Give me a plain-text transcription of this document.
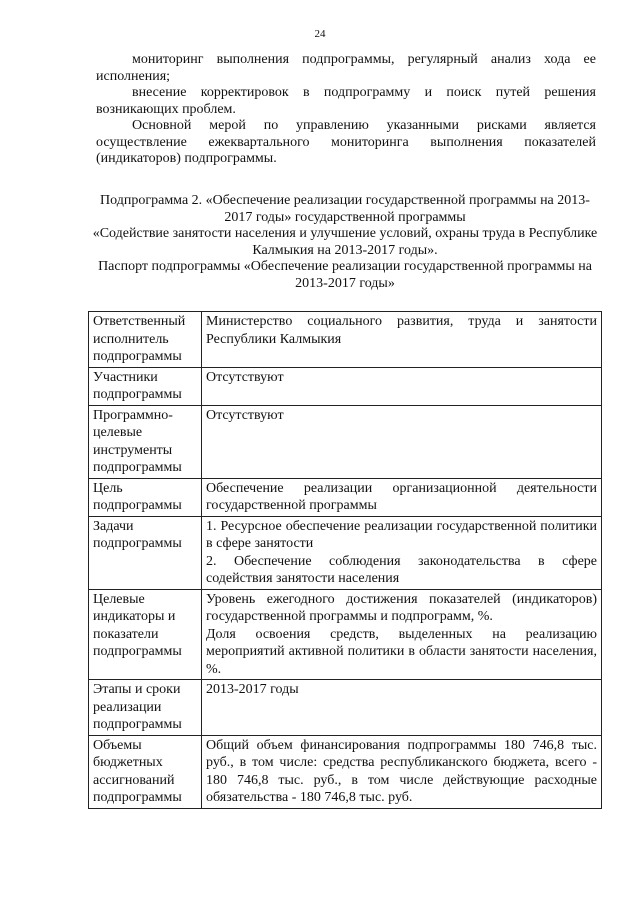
24

мониторинг выполнения подпрограммы, регулярный анализ хода ее исполнения;

внесение корректировок в подпрограмму и поиск путей решения возникающих проблем.

Основной мерой по управлению указанными рисками является осуществление ежеквартального мониторинга выполнения показателей (индикаторов) подпрограммы.

Подпрограмма 2. «Обеспечение реализации государственной программы на 2013-2017 годы» государственной программы
«Содействие занятости населения и улучшение условий, охраны труда в Республике Калмыкия на 2013-2017 годы».
Паспорт подпрограммы «Обеспечение реализации государственной программы на 2013-2017 годы»
Ответственный исполнитель подпрограммы	Министерство социального развития, труда и занятости Республики Калмыкия
Участники подпрограммы	Отсутствуют
Программно-целевые инструменты подпрограммы	Отсутствуют
Цель подпрограммы	Обеспечение реализации организационной деятельности государственной программы
Задачи подпрограммы	1. Ресурсное обеспечение реализации государственной политики в сфере занятости
2. Обеспечение соблюдения законодательства в сфере содействия занятости населения

Целевые индикаторы и показатели подпрограммы	Уровень ежегодного достижения показателей (индикаторов) государственной программы и подпрограмм, %.
Доля освоения средств, выделенных на реализацию мероприятий активной политики в области занятости населения, %.

Этапы и сроки реализации подпрограммы	2013-2017 годы
Объемы бюджетных ассигнований подпрограммы	Общий объем финансирования подпрограммы 180 746,8 тыс. руб., в том числе: средства республиканского бюджета, всего - 180 746,8 тыс. руб., в том числе действующие расходные обязательства - 180 746,8 тыс. руб.
